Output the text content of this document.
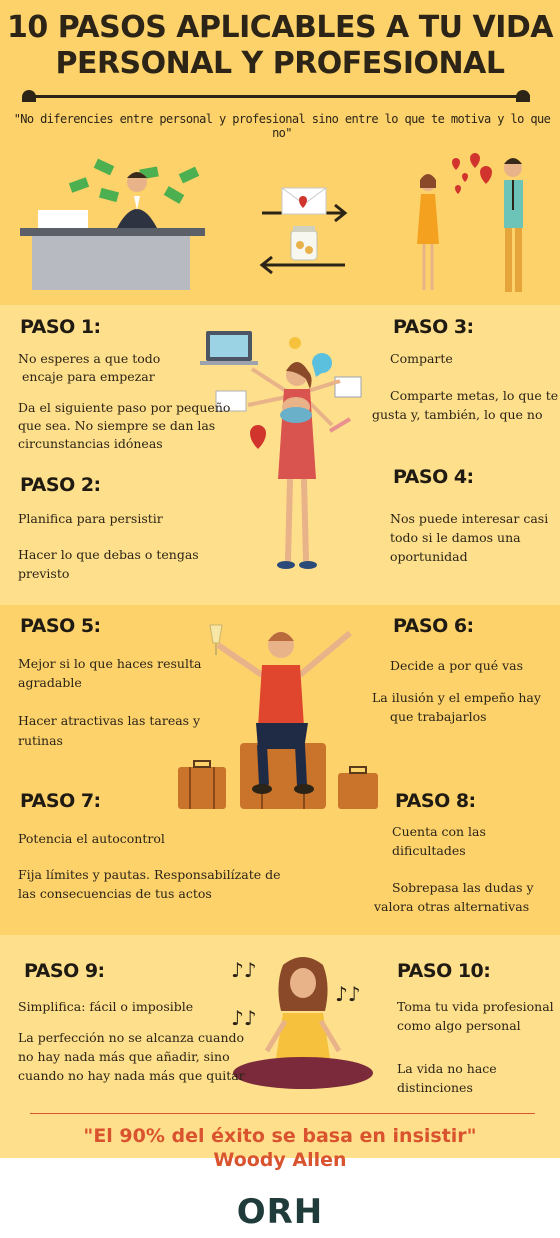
10 PASOS APLICABLES A TU VIDA
PERSONAL Y PROFESIONAL
"No diferencies entre personal y profesional sino entre lo que te motiva y lo que no"
♪♪
♪♪
♪♪
PASO 1:
No esperes a que todo
encaje para empezar
Da el siguiente paso por pequeño
que sea. No siempre se dan las
circunstancias idóneas
PASO 2:
Planifica para persistir
Hacer lo que debas o tengas
previsto
PASO 3:
Comparte
Comparte metas, lo que te
gusta y, también, lo que no
PASO 4:
Nos puede interesar casi
todo si le damos una
oportunidad
PASO 5:
Mejor si lo que haces resulta
agradable
Hacer atractivas las tareas y
rutinas
PASO 6:
Decide a por qué vas
La ilusión y el empeño hay
que trabajarlos
PASO 7:
Potencia el autocontrol
Fija límites y pautas. Responsabilízate de
las consecuencias de tus actos
PASO 8:
Cuenta con las
dificultades
Sobrepasa las dudas y
valora otras alternativas
PASO 9:
Simplifica: fácil o imposible
La perfección no se alcanza cuando
no hay nada más que añadir, sino
cuando no hay nada más que quitar
PASO 10:
Toma tu vida profesional
como algo personal
La vida no hace
distinciones
"El 90% del éxito se basa en insistir"
Woody Allen
ORH
